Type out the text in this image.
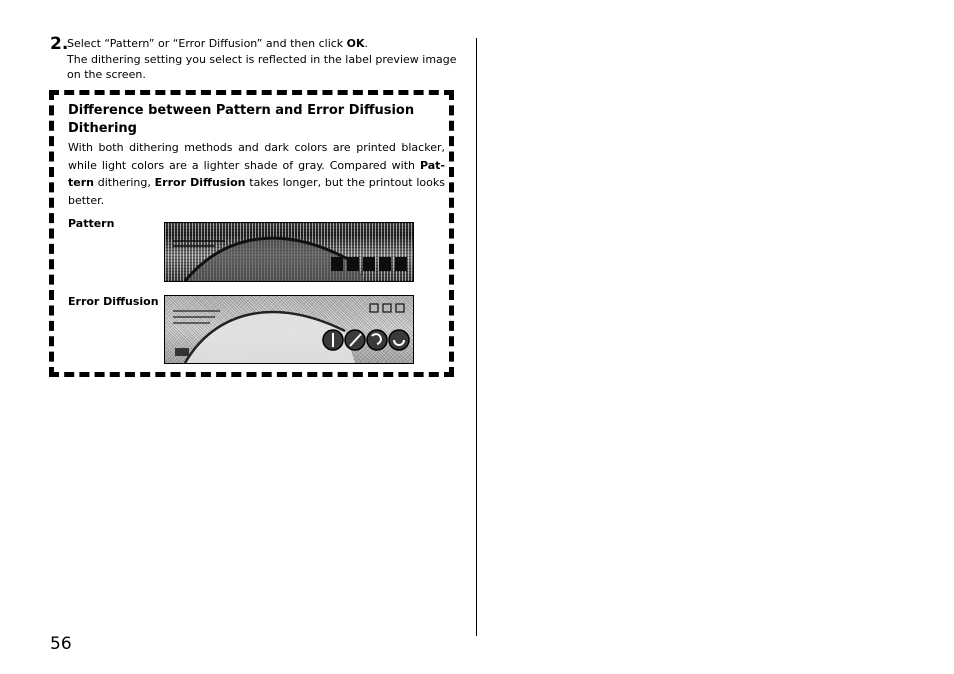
2.
Select “Pattern” or “Error Diffusion” and then click OK.
The dithering setting you select is reflected in the label preview image on the screen.
Difference between Pattern and Error Diffusion Dithering
With both dithering methods and dark colors are printed blacker, while light colors are a lighter shade of gray. Compared with Pat-tern dithering, Error Diffusion takes longer, but the printout looks better.
Pattern
Error Diffusion
56
